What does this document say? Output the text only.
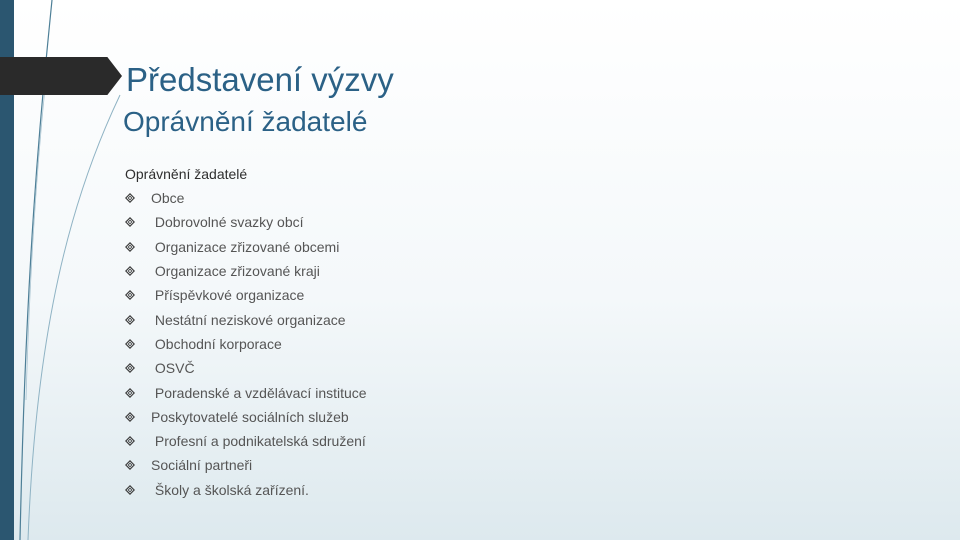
Představení výzvy
Oprávnění žadatelé
Oprávnění žadatelé
Obce
Dobrovolné svazky obcí
Organizace zřizované obcemi
Organizace zřizované kraji
Příspěvkové organizace
Nestátní neziskové organizace
Obchodní korporace
OSVČ
Poradenské a vzdělávací instituce
Poskytovatelé sociálních služeb
Profesní a podnikatelská sdružení
Sociální partneři
Školy a školská zařízení.
